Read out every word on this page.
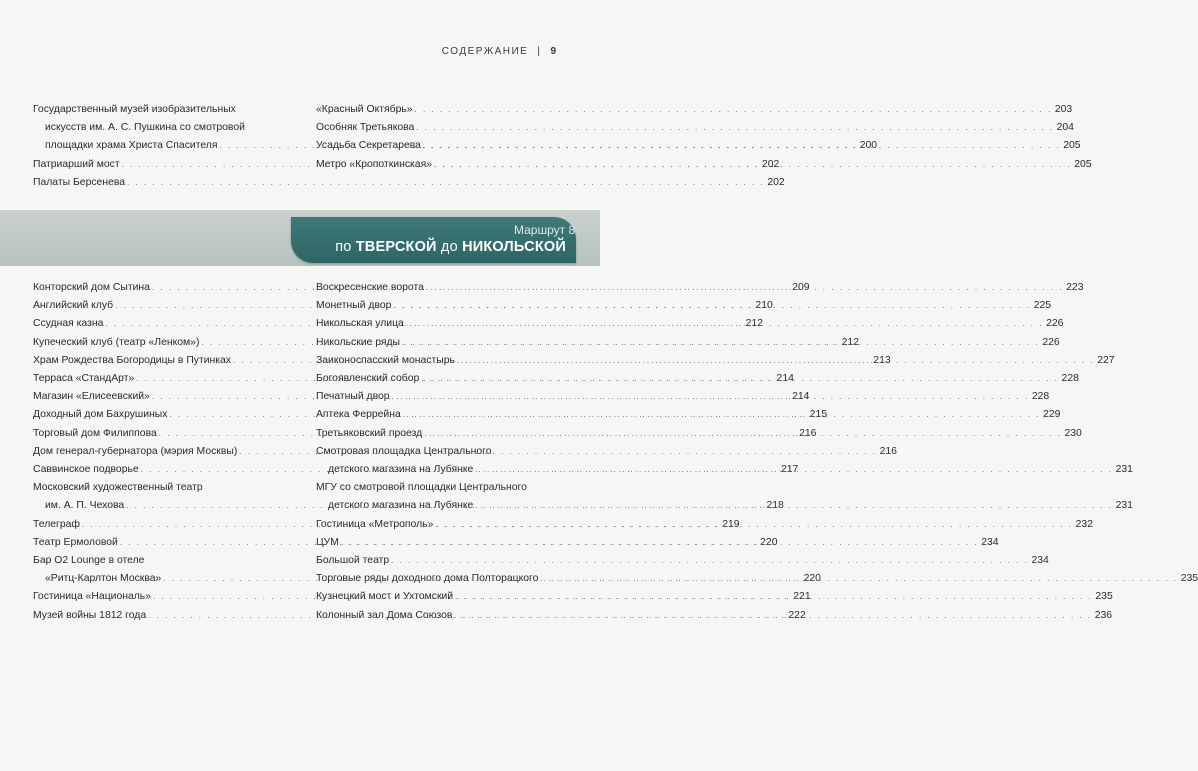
СОДЕРЖАНИЕ | 9
Государственный музей изобразительных
искусств им. А. С. Пушкина со смотровой
площадки храма Христа Спасителя . . .	200
Патриарший мост . . .	202
Палаты Берсенева . . .	202
«Красный Октябрь» . . .	203
Особняк Третьякова . . .	204
Усадьба Секретарева . . .	205
Метро «Кропоткинская» . . .	205
Маршрут 8
по ТВЕРСКОЙ до НИКОЛЬСКОЙ
Конторский дом Сытина . . .	209
Английский клуб . . .	210
Ссудная казна . . .	212
Купеческий клуб (театр «Ленком») . . .	212
Храм Рождества Богородицы в Путинках . . .	213
Терраса «СтандАрт» . . .	214
Магазин «Елисеевский» . . .	214
Доходный дом Бахрушиных . . .	215
Торговый дом Филиппова . . .	216
Дом генерал-губернатора (мэрия Москвы) . . .	216
Саввинское подворье . . .	217
Московский художественный театр
им. А. П. Чехова . . .	218
Телеграф . . .	219
Театр Ермоловой . . .	220
Бар O2 Lounge в отеле
«Ритц-Карлтон Москва» . . .	220
Гостиница «Националь» . . .	221
Музей войны 1812 года . . .	222
Воскресенские ворота . . .	223
Монетный двор . . .	225
Никольская улица . . .	226
Никольские ряды . . .	226
Заиконоспасский монастырь . . .	227
Богоявленский собор . . .	228
Печатный двор . . .	228
Аптека Феррейна . . .	229
Третьяковский проезд . . .	230
Смотровая площадка Центрального
детского магазина на Лубянке . . .	231
МГУ со смотровой площадки Центрального
детского магазина на Лубянке . . .	231
Гостиница «Метрополь» . . .	232
ЦУМ . . .	234
Большой театр . . .	234
Торговые ряды доходного дома Полторацкого . . .	235
Кузнецкий мост и Ухтомский . . .	235
Колонный зал Дома Союзов . . .	236
